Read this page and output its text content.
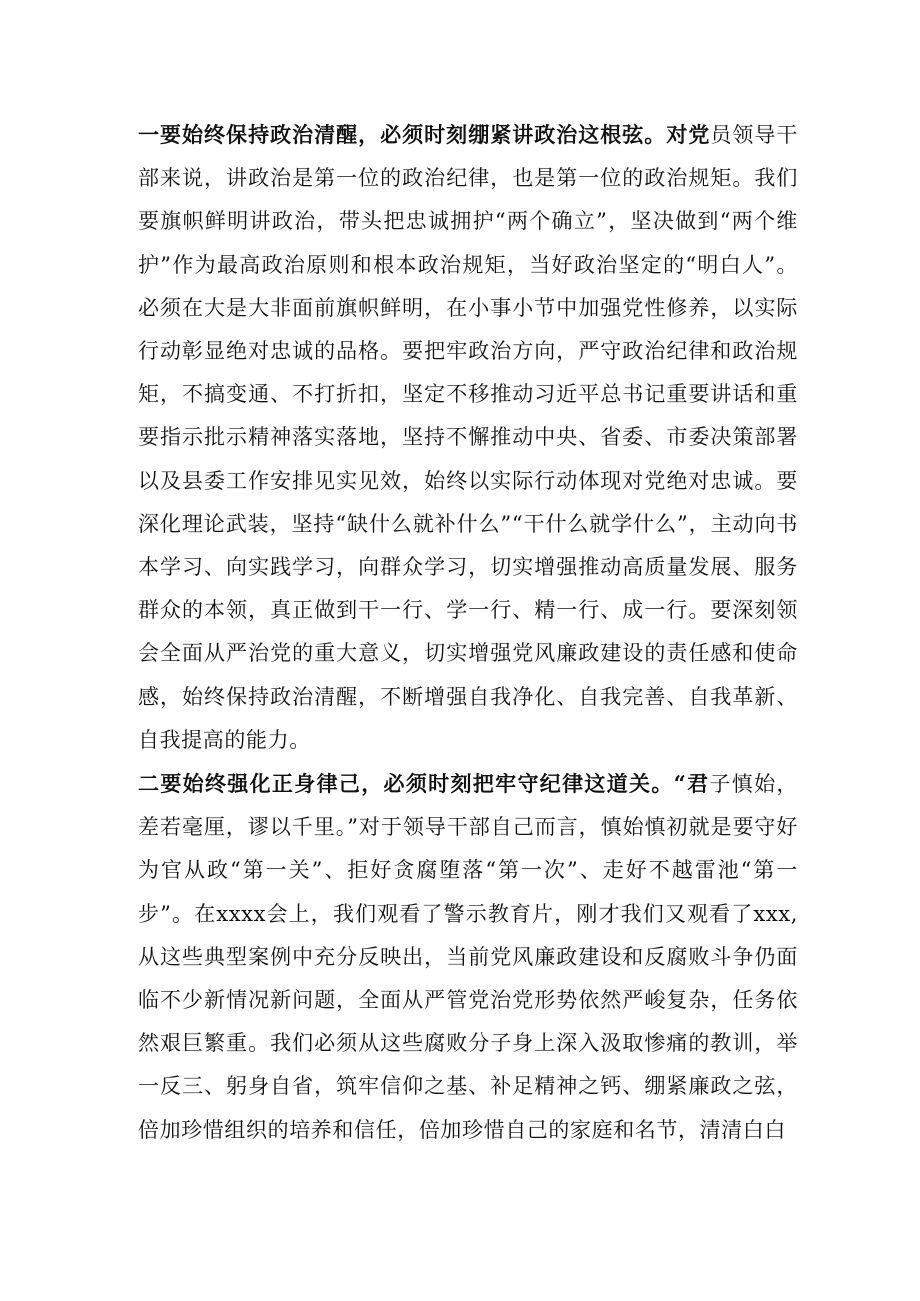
一要始终保持政治清醒，必须时刻绷紧讲政治这根弦。对党员领导干部来说，讲政治是第一位的政治纪律，也是第一位的政治规矩。我们要旗帜鲜明讲政治，带头把忠诚拥护“两个确立”，坚决做到“两个维护”作为最高政治原则和根本政治规矩，当好政治坚定的“明白人”。必须在大是大非面前旗帜鲜明，在小事小节中加强党性修养，以实际行动彰显绝对忠诚的品格。要把牢政治方向，严守政治纪律和政治规矩，不搞变通、不打折扣，坚定不移推动习近平总书记重要讲话和重要指示批示精神落实落地，坚持不懈推动中央、省委、市委决策部署以及县委工作安排见实见效，始终以实际行动体现对党绝对忠诚。要深化理论武装，坚持“缺什么就补什么”“干什么就学什么”，主动向书本学习、向实践学习，向群众学习，切实增强推动高质量发展、服务群众的本领，真正做到干一行、学一行、精一行、成一行。要深刻领会全面从严治党的重大意义，切实增强党风廉政建设的责任感和使命感，始终保持政治清醒，不断增强自我净化、自我完善、自我革新、自我提高的能力。

二要始终强化正身律己，必须时刻把牢守纪律这道关。“君子慎始，差若毫厘，谬以千里。”对于领导干部自己而言，慎始慎初就是要守好为官从政“第一关”、拒好贪腐堕落“第一次”、走好不越雷池“第一步”。在xxxx会上，我们观看了警示教育片，刚才我们又观看了xxx,从这些典型案例中充分反映出，当前党风廉政建设和反腐败斗争仍面临不少新情况新问题，全面从严管党治党形势依然严峻复杂，任务依然艰巨繁重。我们必须从这些腐败分子身上深入汲取惨痛的教训，举一反三、躬身自省，筑牢信仰之基、补足精神之钙、绷紧廉政之弦，倍加珍惜组织的培养和信任，倍加珍惜自己的家庭和名节，清清白白
